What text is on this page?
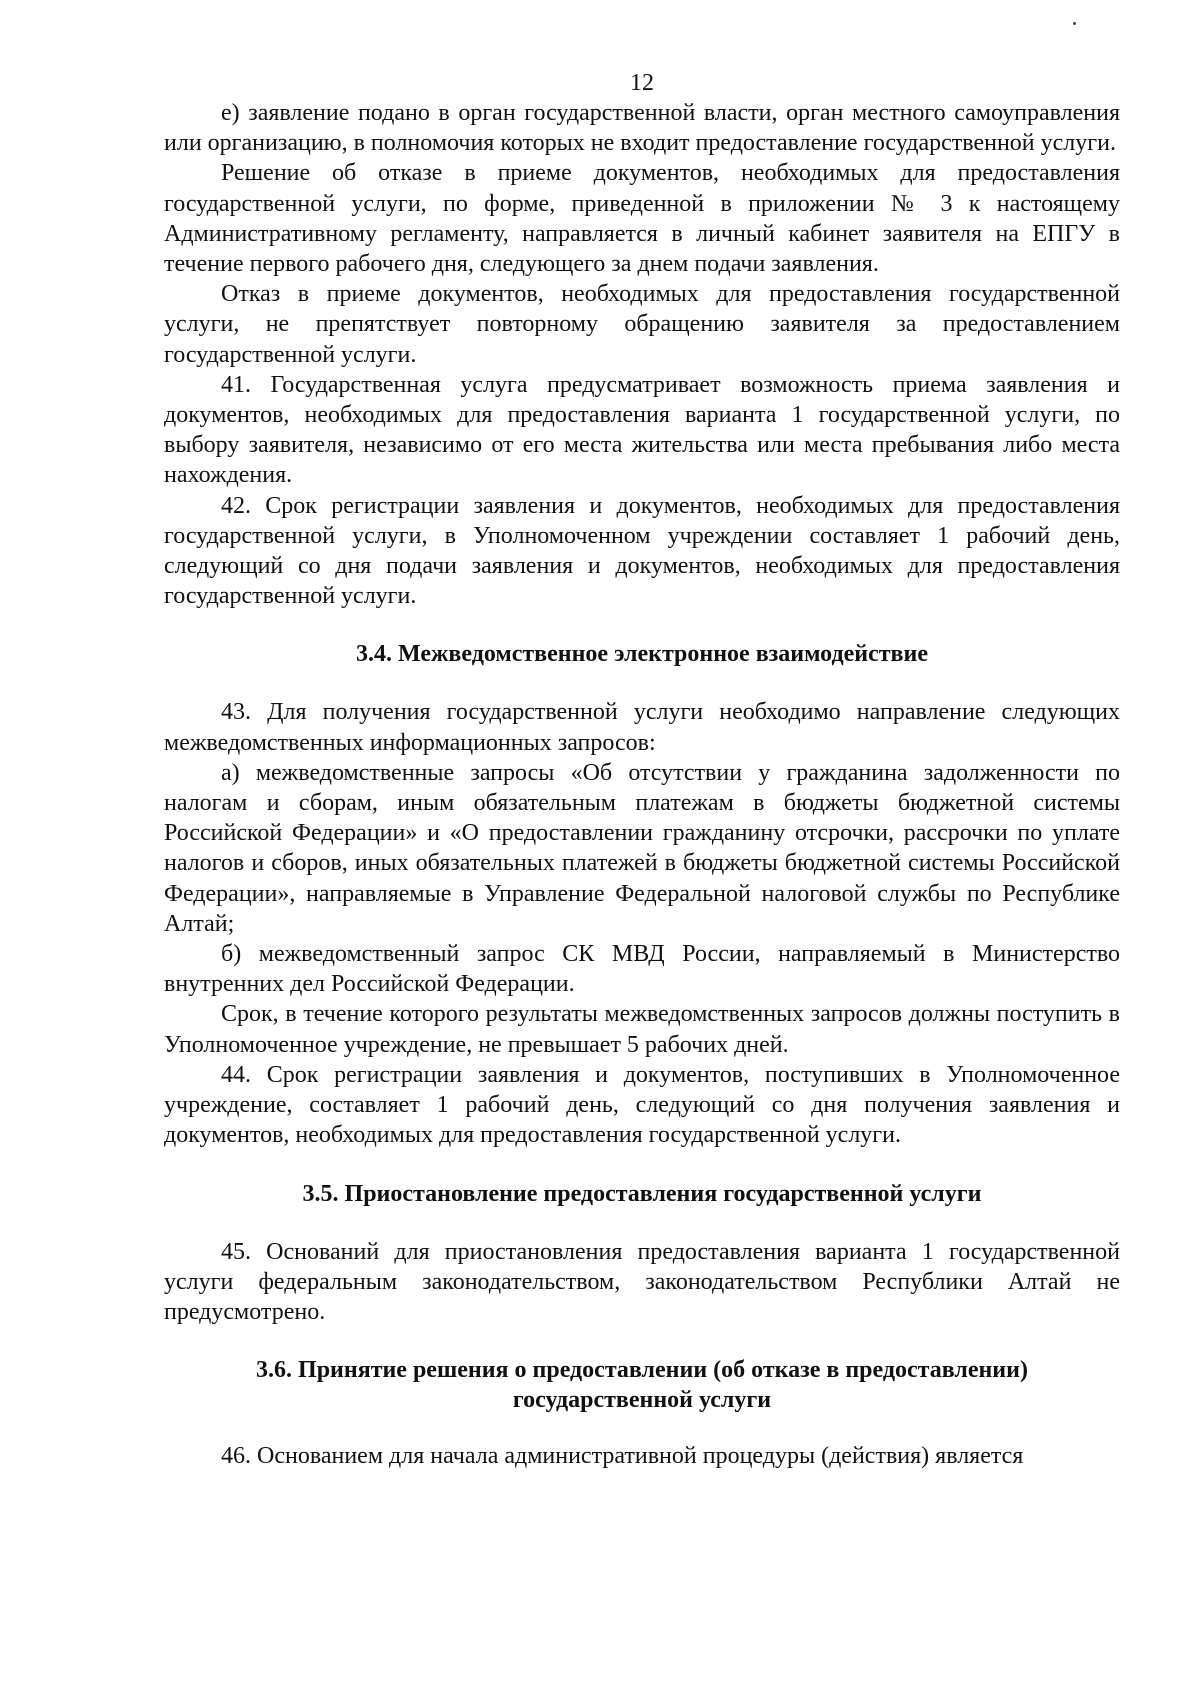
12

е) заявление подано в орган государственной власти, орган местного самоуправления или организацию, в полномочия которых не входит предоставление государственной услуги.

Решение об отказе в приеме документов, необходимых для предоставления государственной услуги, по форме, приведенной в приложении № 3 к настоящему Административному регламенту, направляется в личный кабинет заявителя на ЕПГУ в течение первого рабочего дня, следующего за днем подачи заявления.

Отказ в приеме документов, необходимых для предоставления государственной услуги, не препятствует повторному обращению заявителя за предоставлением государственной услуги.

41. Государственная услуга предусматривает возможность приема заявления и документов, необходимых для предоставления варианта 1 государственной услуги, по выбору заявителя, независимо от его места жительства или места пребывания либо места нахождения.

42. Срок регистрации заявления и документов, необходимых для предоставления государственной услуги, в Уполномоченном учреждении составляет 1 рабочий день, следующий со дня подачи заявления и документов, необходимых для предоставления государственной услуги.

3.4. Межведомственное электронное взаимодействие

43. Для получения государственной услуги необходимо направление следующих межведомственных информационных запросов:

а) межведомственные запросы «Об отсутствии у гражданина задолженности по налогам и сборам, иным обязательным платежам в бюджеты бюджетной системы Российской Федерации» и «О предоставлении гражданину отсрочки, рассрочки по уплате налогов и сборов, иных обязательных платежей в бюджеты бюджетной системы Российской Федерации», направляемые в Управление Федеральной налоговой службы по Республике Алтай;

б) межведомственный запрос СК МВД России, направляемый в Министерство внутренних дел Российской Федерации.

Срок, в течение которого результаты межведомственных запросов должны поступить в Уполномоченное учреждение, не превышает 5 рабочих дней.

44. Срок регистрации заявления и документов, поступивших в Уполномоченное учреждение, составляет 1 рабочий день, следующий со дня получения заявления и документов, необходимых для предоставления государственной услуги.

3.5. Приостановление предоставления государственной услуги

45. Оснований для приостановления предоставления варианта 1 государственной услуги федеральным законодательством, законодательством Республики Алтай не предусмотрено.

3.6. Принятие решения о предоставлении (об отказе в предоставлении)

государственной услуги

46. Основанием для начала административной процедуры (действия) является
